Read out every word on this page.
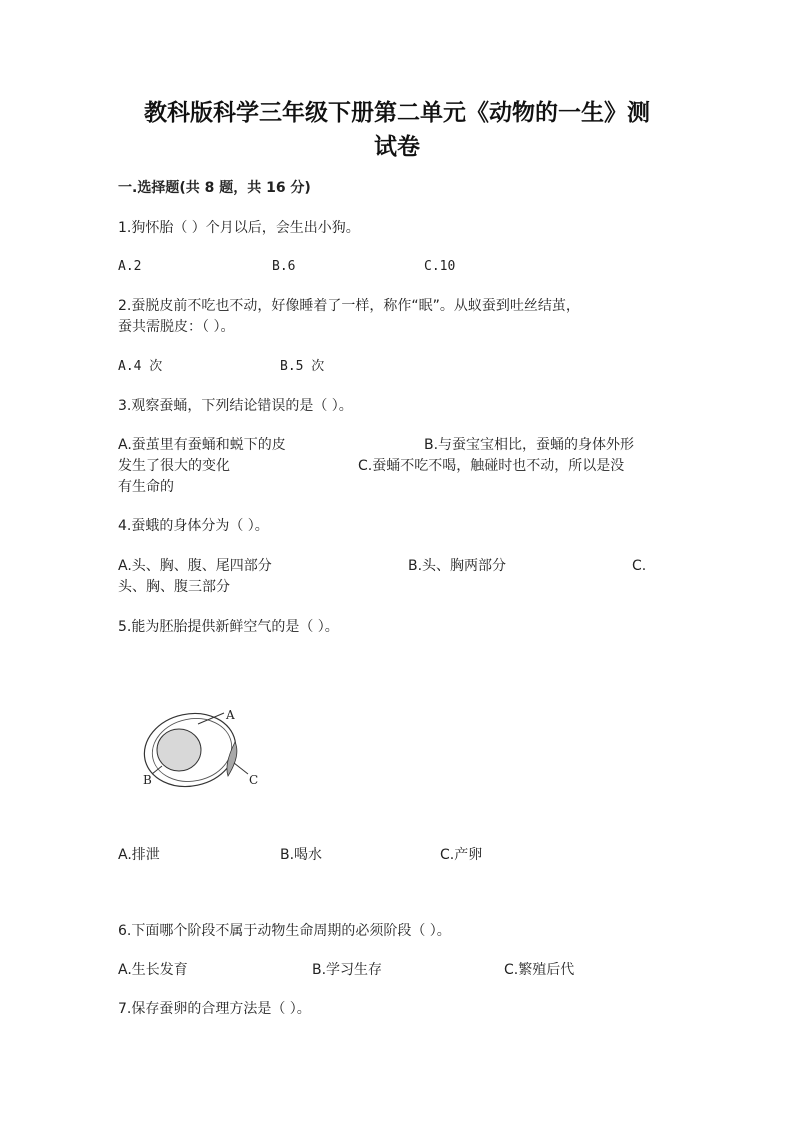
教科版科学三年级下册第二单元《动物的一生》测
试卷
一.选择题(共 8 题，共 16 分)
1.狗怀胎（ ）个月以后，会生出小狗。
A.2	B.6	C.10
2.蚕脱皮前不吃也不动，好像睡着了一样，称作“眠”。从蚁蚕到吐丝结茧，
蚕共需脱皮：（ ）。
A.4 次	B.5 次
3.观察蚕蛹，下列结论错误的是（ ）。
A.蚕茧里有蚕蛹和蜕下的皮	B.与蚕宝宝相比，蚕蛹的身体外形
发生了很大的变化	C.蚕蛹不吃不喝，触碰时也不动，所以是没
有生命的
4.蚕蛾的身体分为（ ）。
A.头、胸、腹、尾四部分	B.头、胸两部分	C.
头、胸、腹三部分
5.能为胚胎提供新鲜空气的是（ ）。
A
B	C
A.排泄	B.喝水	C.产卵
6.下面哪个阶段不属于动物生命周期的必须阶段（ ）。
A.生长发育	B.学习生存	C.繁殖后代
7.保存蚕卵的合理方法是（ ）。
